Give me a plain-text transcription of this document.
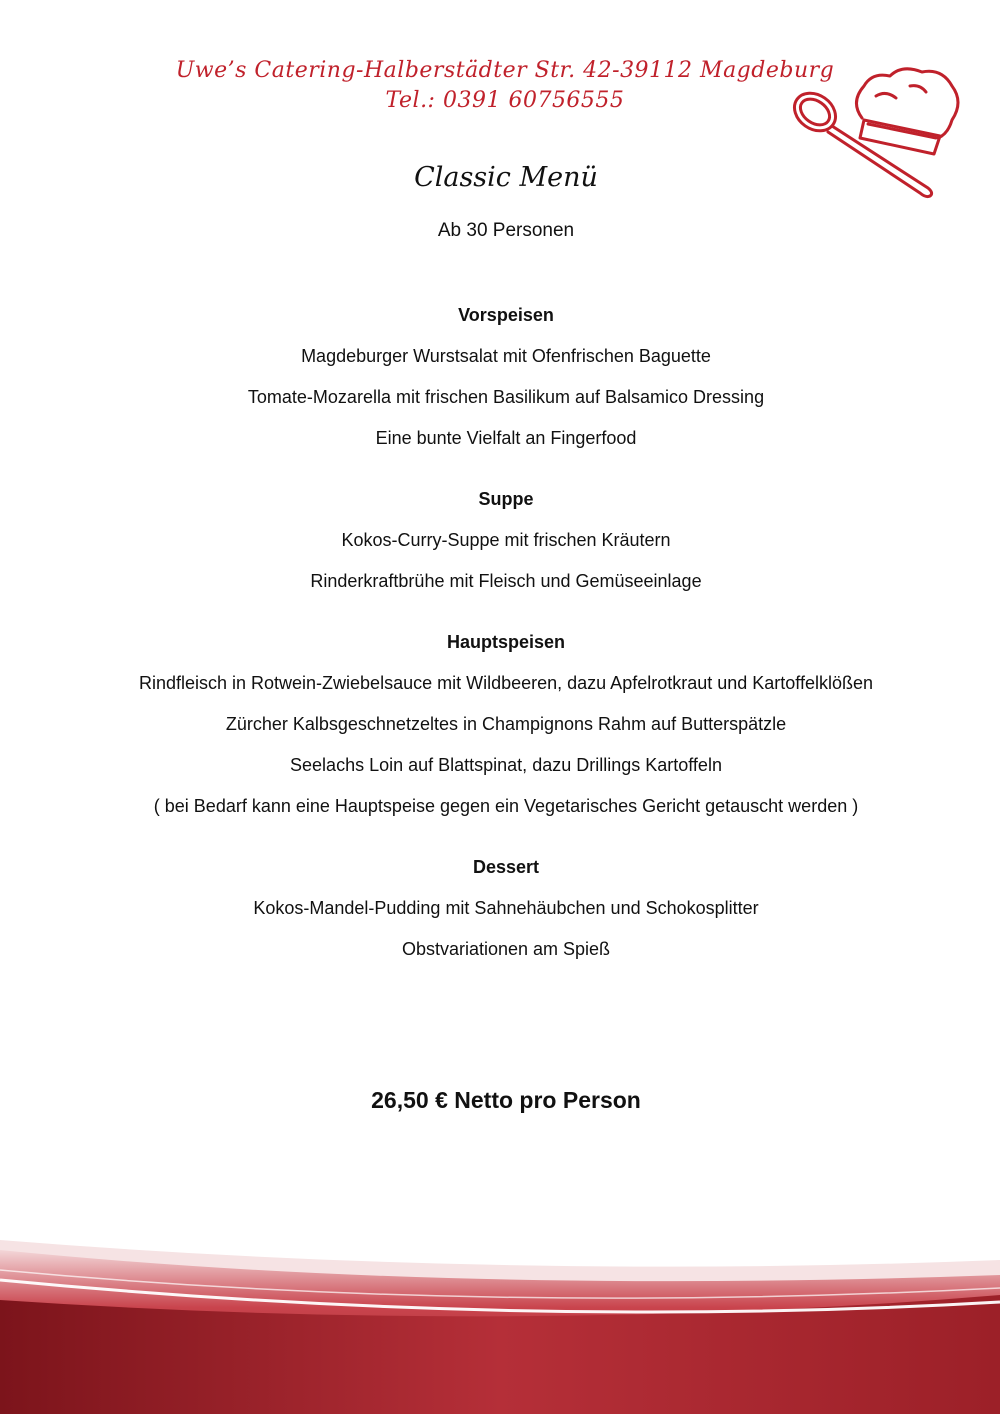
Uwe’s Catering-Halberstädter Str. 42-39112 Magdeburg
Tel.: 0391 60756555
Classic Menü
Ab 30 Personen
Vorspeisen
Magdeburger Wurstsalat mit Ofenfrischen Baguette
Tomate-Mozarella mit frischen Basilikum auf Balsamico Dressing
Eine bunte Vielfalt an Fingerfood
Suppe
Kokos-Curry-Suppe mit frischen Kräutern
Rinderkraftbrühe mit Fleisch und Gemüseeinlage
Hauptspeisen
Rindfleisch in Rotwein-Zwiebelsauce mit Wildbeeren, dazu Apfelrotkraut und Kartoffelklößen
Zürcher Kalbsgeschnetzeltes in Champignons Rahm auf Butterspätzle
Seelachs Loin auf Blattspinat, dazu Drillings Kartoffeln
( bei Bedarf kann eine Hauptspeise gegen ein Vegetarisches Gericht getauscht werden )
Dessert
Kokos-Mandel-Pudding mit Sahnehäubchen und Schokosplitter
Obstvariationen am Spieß
26,50 € Netto pro Person
